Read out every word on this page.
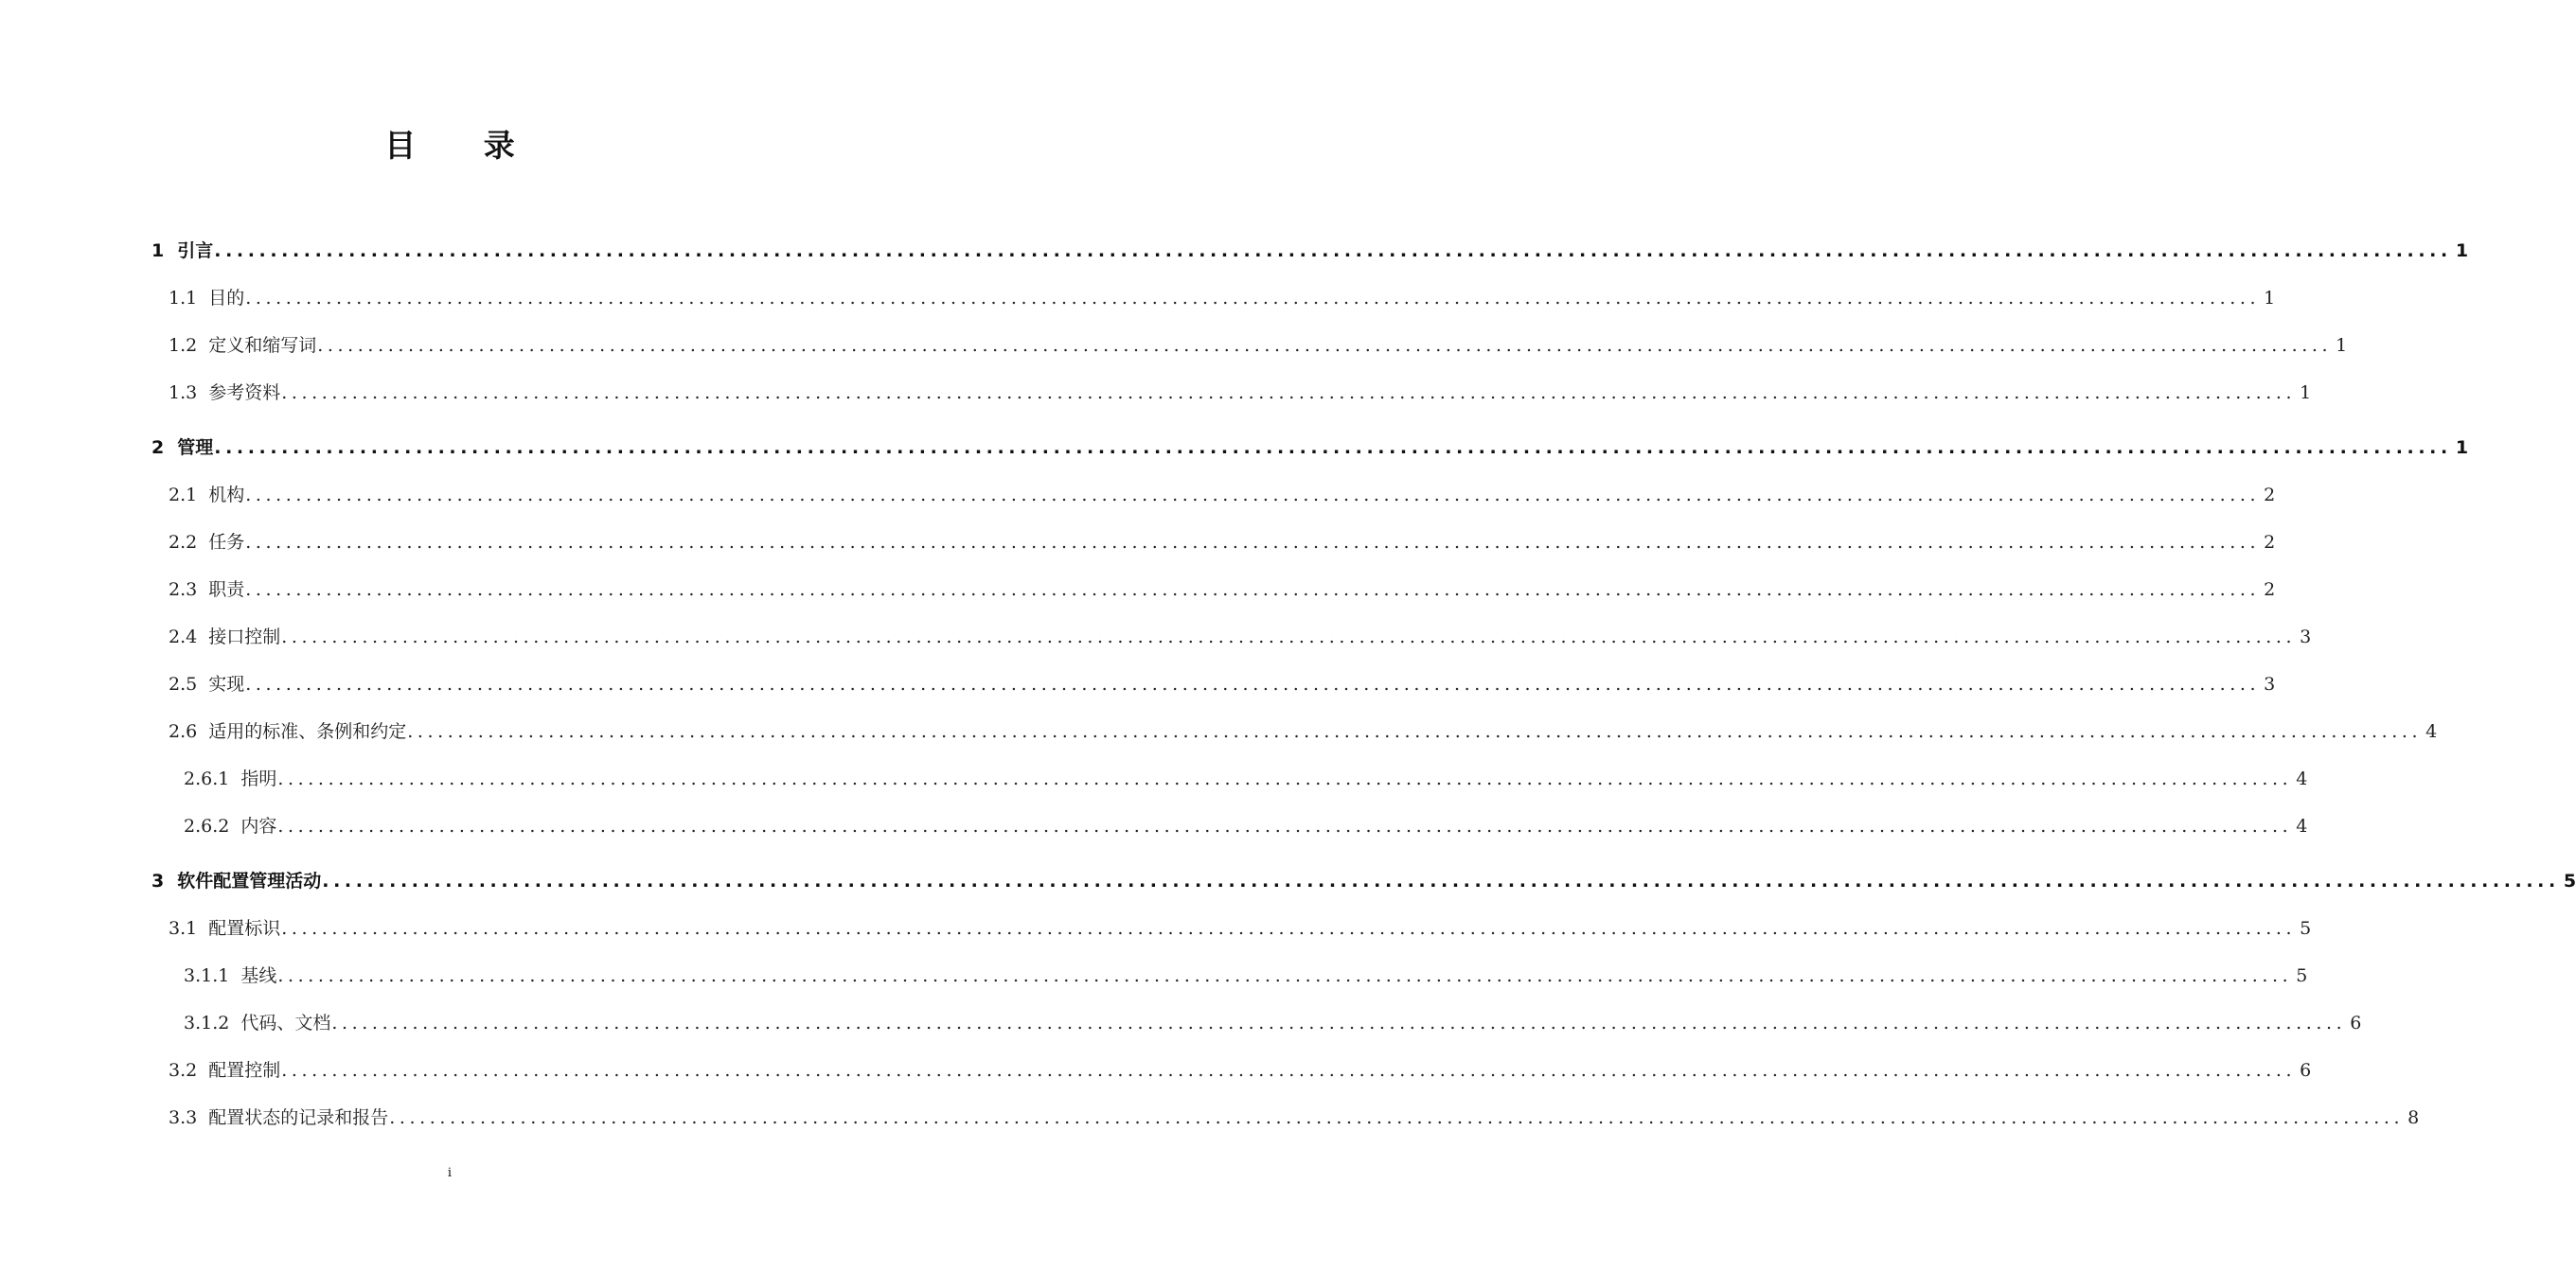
目 录
1 引言 ........................................................................................................................................................................................................ 1
1.1 目的 ........................................................................................................................................................................................................ 1
1.2 定义和缩写词 ........................................................................................................................................................................................................ 1
1.3 参考资料 ........................................................................................................................................................................................................ 1
2 管理 ........................................................................................................................................................................................................ 1
2.1 机构 ........................................................................................................................................................................................................ 2
2.2 任务 ........................................................................................................................................................................................................ 2
2.3 职责 ........................................................................................................................................................................................................ 2
2.4 接口控制 ........................................................................................................................................................................................................ 3
2.5 实现 ........................................................................................................................................................................................................ 3
2.6 适用的标准、条例和约定 ........................................................................................................................................................................................................ 4
2.6.1 指明 ........................................................................................................................................................................................................ 4
2.6.2 内容 ........................................................................................................................................................................................................ 4
3 软件配置管理活动 ........................................................................................................................................................................................................ 5
3.1 配置标识 ........................................................................................................................................................................................................ 5
3.1.1 基线 ........................................................................................................................................................................................................ 5
3.1.2 代码、文档 ........................................................................................................................................................................................................ 6
3.2 配置控制 ........................................................................................................................................................................................................ 6
3.3 配置状态的记录和报告 ........................................................................................................................................................................................................ 8
i
